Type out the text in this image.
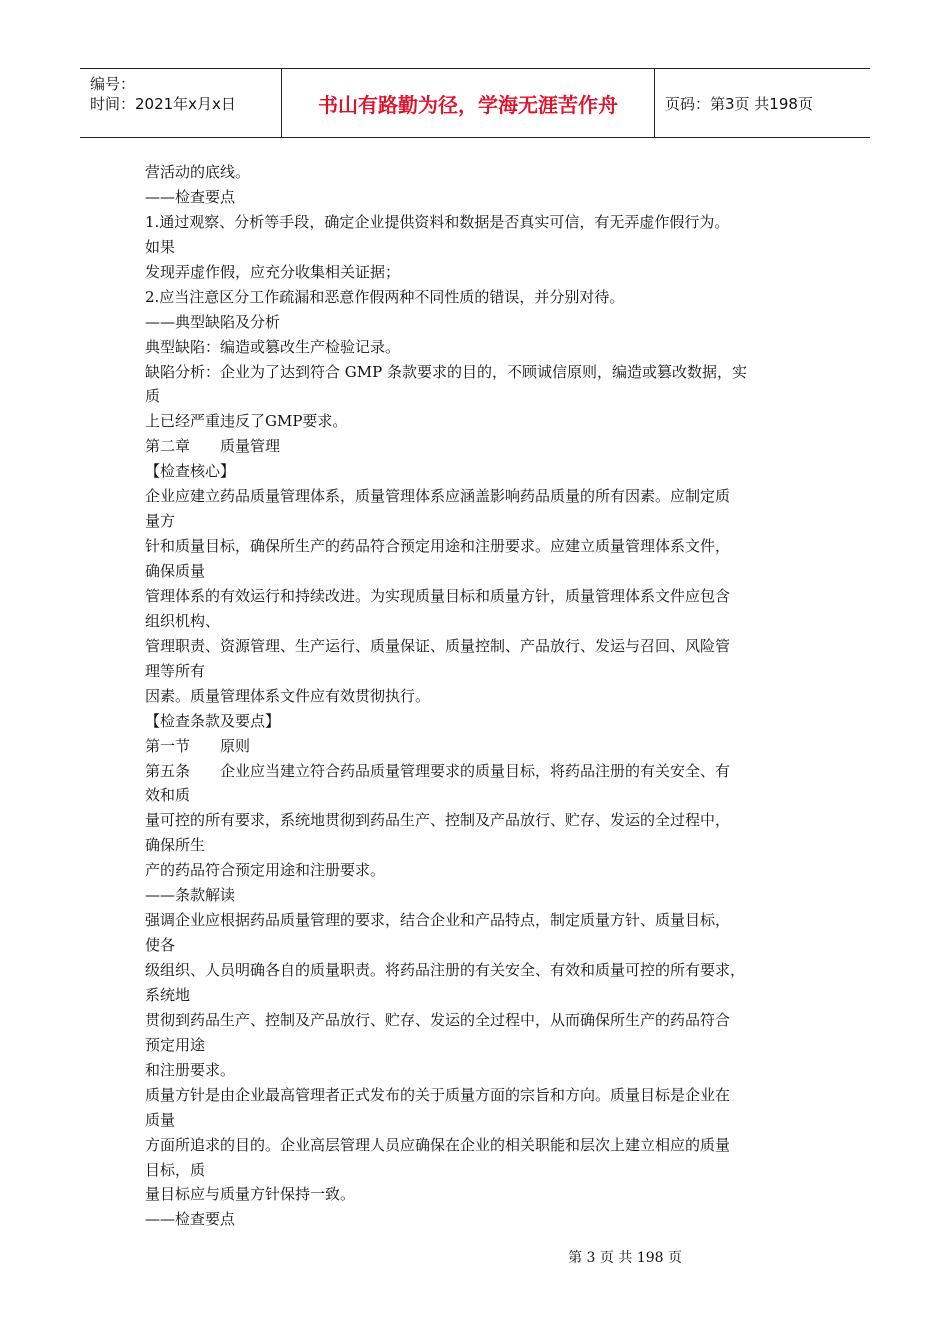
编号：
时间：2021年x月x日	书山有路勤为径，学海无涯苦作舟	页码：第3页 共198页
营活动的底线。
——检查要点
1.通过观察、分析等手段，确定企业提供资料和数据是否真实可信，有无弄虚作假行为。
如果
发现弄虚作假，应充分收集相关证据；
2.应当注意区分工作疏漏和恶意作假两种不同性质的错误，并分别对待。
——典型缺陷及分析
典型缺陷：编造或篡改生产检验记录。
缺陷分析：企业为了达到符合 GMP 条款要求的目的，不顾诚信原则，编造或篡改数据，实
质
上已经严重违反了GMP要求。
第二章　　质量管理
【检查核心】
企业应建立药品质量管理体系，质量管理体系应涵盖影响药品质量的所有因素。应制定质
量方
针和质量目标，确保所生产的药品符合预定用途和注册要求。应建立质量管理体系文件，
确保质量
管理体系的有效运行和持续改进。为实现质量目标和质量方针，质量管理体系文件应包含
组织机构、
管理职责、资源管理、生产运行、质量保证、质量控制、产品放行、发运与召回、风险管
理等所有
因素。质量管理体系文件应有效贯彻执行。
【检查条款及要点】
第一节　　原则
第五条　　企业应当建立符合药品质量管理要求的质量目标，将药品注册的有关安全、有
效和质
量可控的所有要求，系统地贯彻到药品生产、控制及产品放行、贮存、发运的全过程中，
确保所生
产的药品符合预定用途和注册要求。
——条款解读
强调企业应根据药品质量管理的要求，结合企业和产品特点，制定质量方针、质量目标，
使各
级组织、人员明确各自的质量职责。将药品注册的有关安全、有效和质量可控的所有要求，
系统地
贯彻到药品生产、控制及产品放行、贮存、发运的全过程中，从而确保所生产的药品符合
预定用途
和注册要求。
质量方针是由企业最高管理者正式发布的关于质量方面的宗旨和方向。质量目标是企业在
质量
方面所追求的目的。企业高层管理人员应确保在企业的相关职能和层次上建立相应的质量
目标，质
量目标应与质量方针保持一致。
——检查要点
第 3 页 共 198 页
